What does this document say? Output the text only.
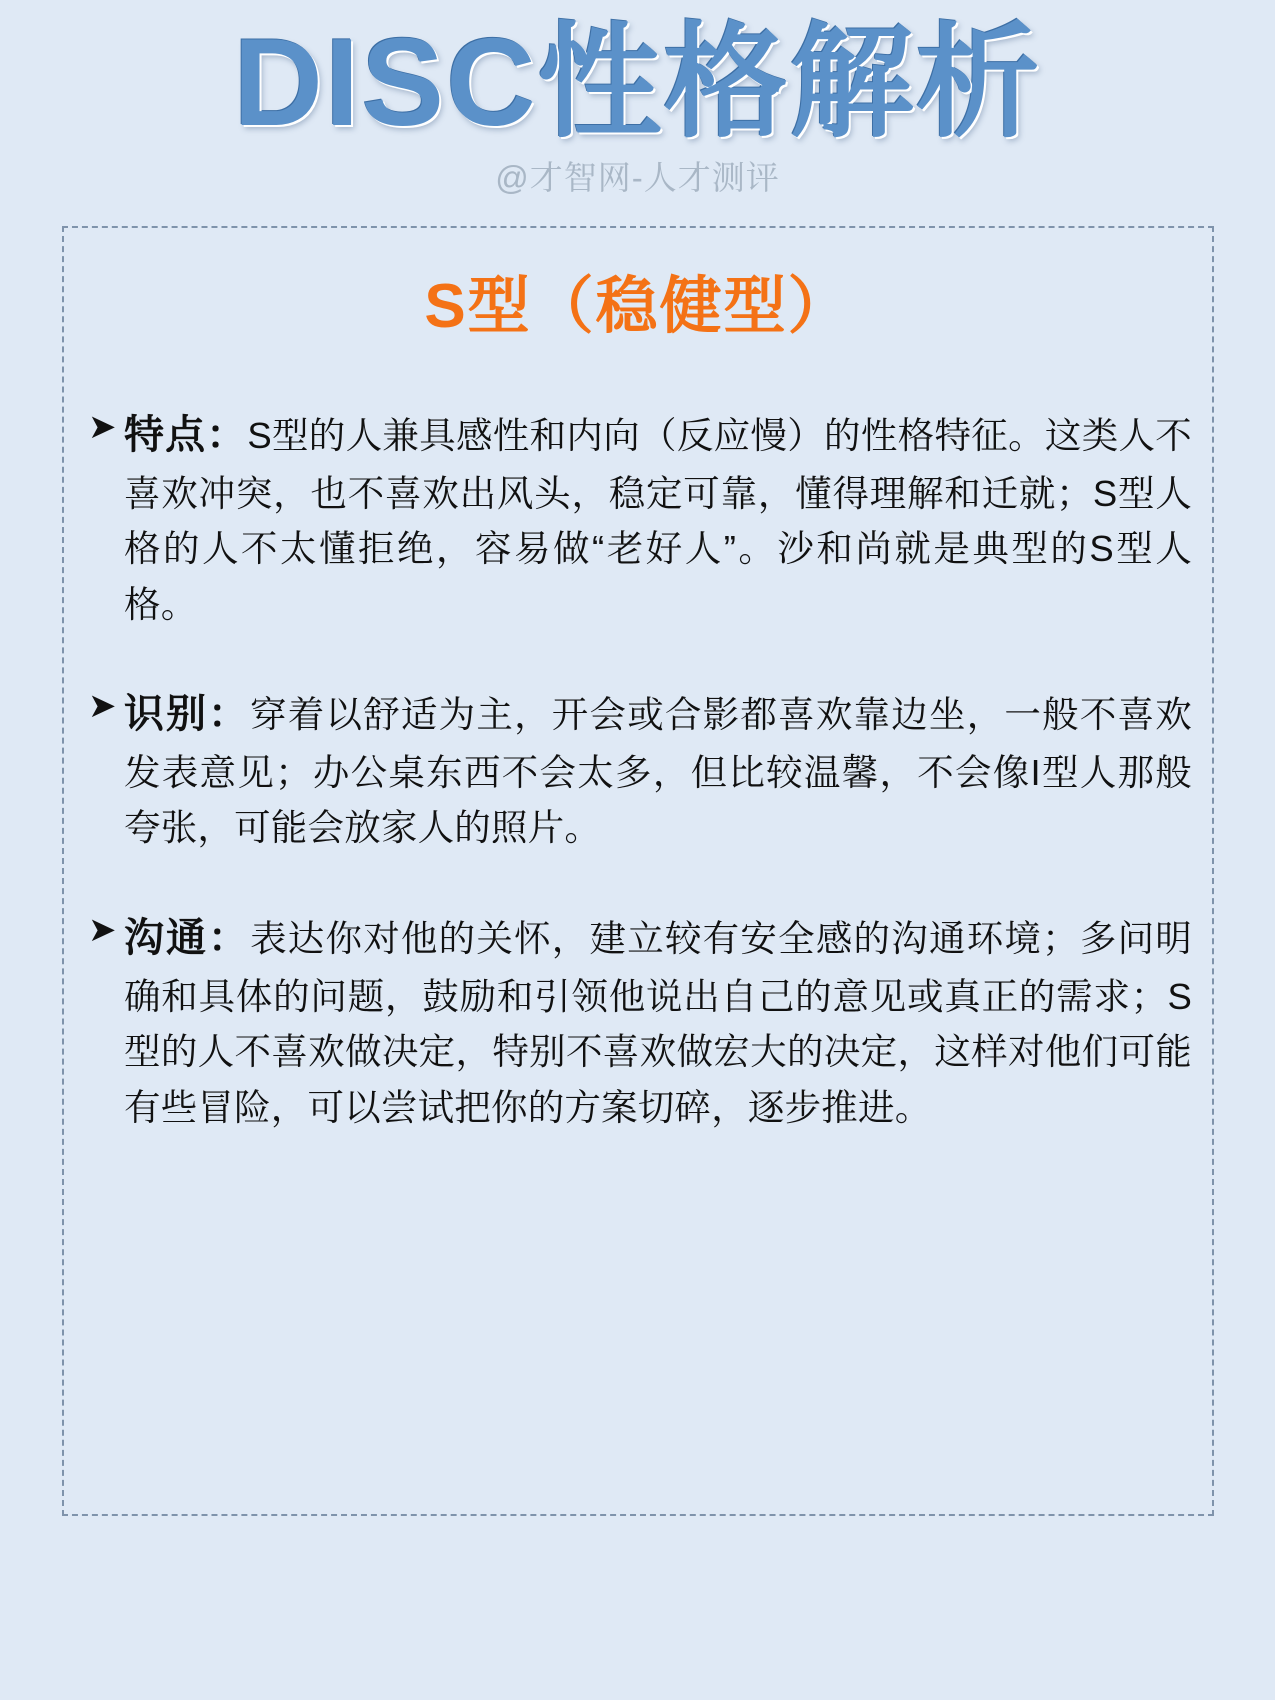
DISC性格解析
@才智网-人才测评
S型（稳健型）
➤ 特点：S型的人兼具感性和内向（反应慢）的性格特征。这类人不喜欢冲突，也不喜欢出风头，稳定可靠，懂得理解和迁就；S型人格的人不太懂拒绝，容易做“老好人”。沙和尚就是典型的S型人格。
➤ 识别：穿着以舒适为主，开会或合影都喜欢靠边坐，一般不喜欢发表意见；办公桌东西不会太多，但比较温馨，不会像I型人那般夸张，可能会放家人的照片。
➤ 沟通：表达你对他的关怀，建立较有安全感的沟通环境；多问明确和具体的问题，鼓励和引领他说出自己的意见或真正的需求；S型的人不喜欢做决定，特别不喜欢做宏大的决定，这样对他们可能有些冒险，可以尝试把你的方案切碎，逐步推进。
